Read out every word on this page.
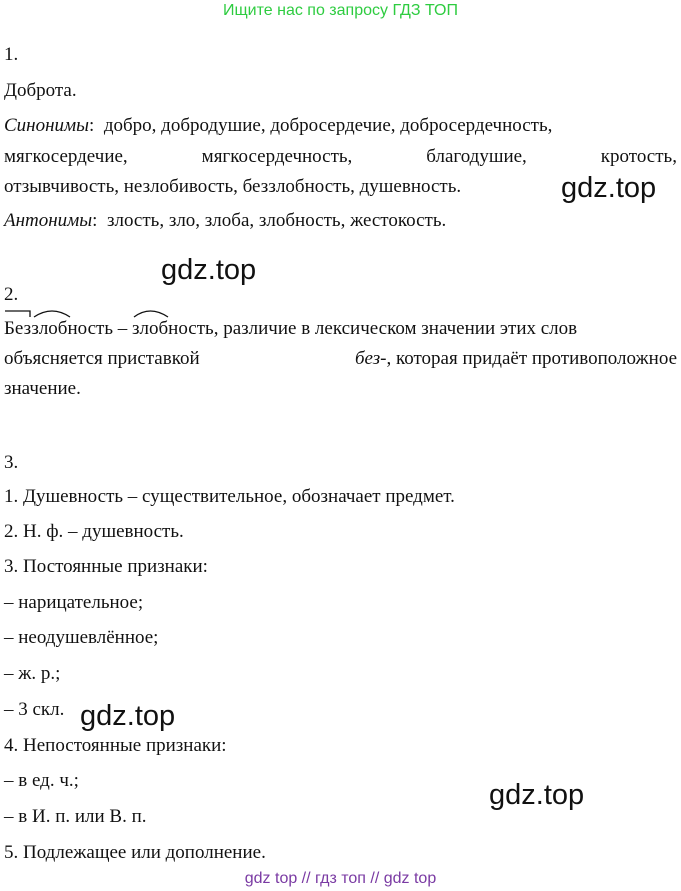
Ищите нас по запросу ГДЗ ТОП
1.
Доброта.
Синонимы:  добро, добродушие, добросердечие, добросердечность,
мягкосердечие,	мягкосердечность,	благодушие,	кротость,
отзывчивость, незлобивость, беззлобность, душевность.
Антонимы:  злость, зло, злоба, злобность, жестокость.
2.
Беззлобность –
злобность, различие в лексическом значении этих слов
объясняется приставкой	без-, которая придаёт противоположное
значение.
3.
1. Душевность – существительное, обозначает предмет.
2. Н. ф. – душевность.
3. Постоянные признаки:
– нарицательное;
– неодушевлённое;
– ж. р.;
– 3 скл.
4. Непостоянные признаки:
– в ед. ч.;
– в И. п. или В. п.
5. Подлежащее или дополнение.
gdz.top
gdz.top
gdz.top
gdz.top
gdz top // гдз топ // gdz top
